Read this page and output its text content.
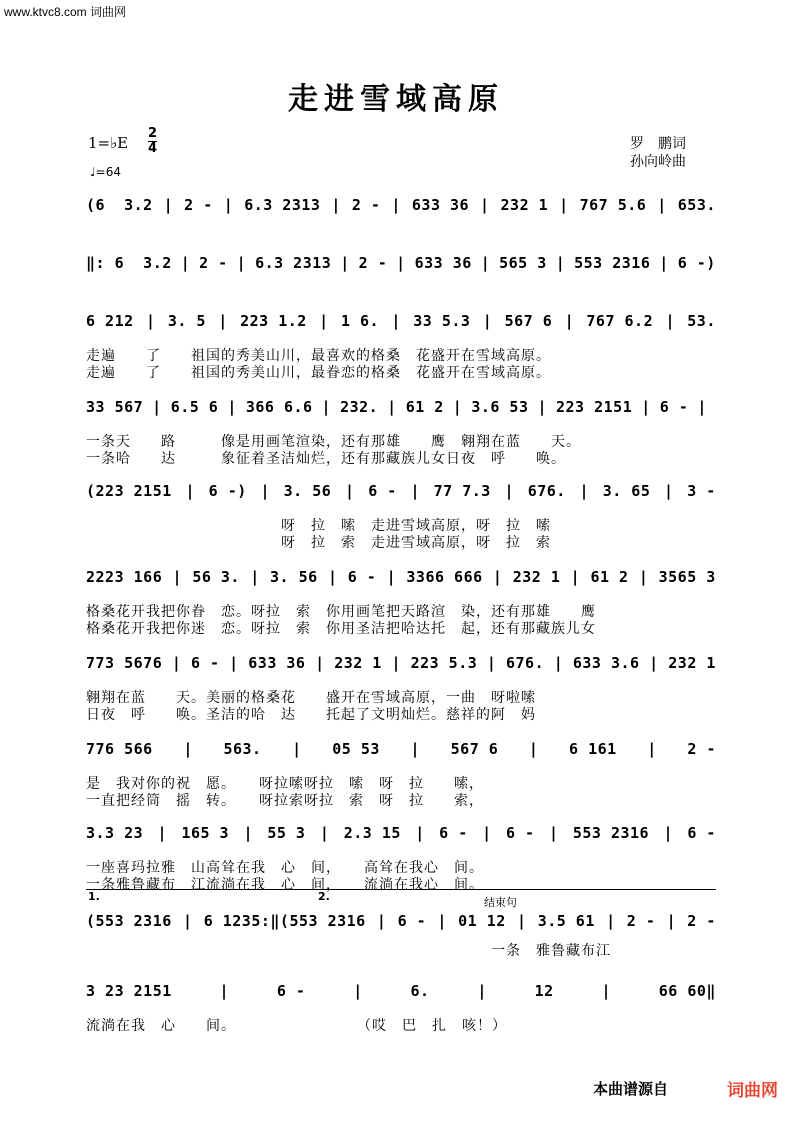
www.ktvc8.com 词曲网
走进雪域高原
1=♭E
2
4
♩=64
罗　鹏词
孙向岭曲
(6  3.2 | 2 - | 6.3 2313 | 2 - | 633 36 | 232 1 | 767 5.6 | 653.
‖: 6  3.2 | 2 - | 6.3 2313 | 2 - | 633 36 | 565 3 | 553 2316 | 6 -)
6 212 | 3. 5 | 223 1.2 | 1 6. | 33 5.3 | 567 6 | 767 6.2 | 53.
走遍　　了　　祖国的秀美山川，最喜欢的格桑　花盛开在雪域高原。
走遍　　了　　祖国的秀美山川，最眷恋的格桑　花盛开在雪域高原。
33 567 | 6.5 6 | 366 6.6 | 232. | 61 2 | 3.6 53 | 223 2151 | 6 - |
一条天　　路　　　像是用画笔渲染，还有那雄　　鹰　翱翔在蓝　　天。
一条哈　　达　　　象征着圣洁灿烂，还有那藏族儿女日夜　呼　　唤。
(223 2151 | 6 -) | 3. 56 | 6 - | 77 7.3 | 676. | 3. 65 | 3 -
　　　　　　　　　　　　　呀　拉　嗦　走进雪域高原，呀　拉　嗦
　　　　　　　　　　　　　呀　拉　索　走进雪域高原，呀　拉　索
2223 166 | 56 3. | 3. 56 | 6 - | 3366 666 | 232 1 | 61 2 | 3565 3
格桑花开我把你眷　恋。呀拉　索　你用画笔把天路渲　染，还有那雄　　鹰
格桑花开我把你迷　恋。呀拉　索　你用圣洁把哈达托　起，还有那藏族儿女
773 5676 | 6 - | 633 36 | 232 1 | 223 5.3 | 676. | 633 3.6 | 232 1
翱翔在蓝　　天。美丽的格桑花　　盛开在雪域高原，一曲　呀啦嗦
日夜　呼　　唤。圣洁的哈　达　　托起了文明灿烂。慈祥的阿　妈
776 566 | 563. | 05 53 | 567 6 | 6 161 | 2 -
是　我对你的祝　愿。　　呀拉嗦呀拉　嗦　呀　拉　　嗦，
一直把经筒　摇　转。　　呀拉索呀拉　索　呀　拉　　索，
3.3 23 | 165 3 | 55 3 | 2.3 15 | 6 - | 6 - | 553 2316 | 6 -
一座喜玛拉雅　山高耸在我　心　间，　　高耸在我心　间。
一条雅鲁藏布　江流淌在我　心　间，　　流淌在我心　间。
1.	2.	结束句
(553 2316 | 6 1235:‖(553 2316 | 6 - | 01 12 | 3.5 61 | 2 - | 2 -
　　　　　　　　　　　　　　　　　　　　　　　　　　　一条　雅鲁藏布江
3 23 2151	|	6 -	|	6.	|	12	|	66 60‖
流淌在我　心　　间。　　　　　　　　　（哎　巴　扎　咳！）
本曲谱源自	词曲网
